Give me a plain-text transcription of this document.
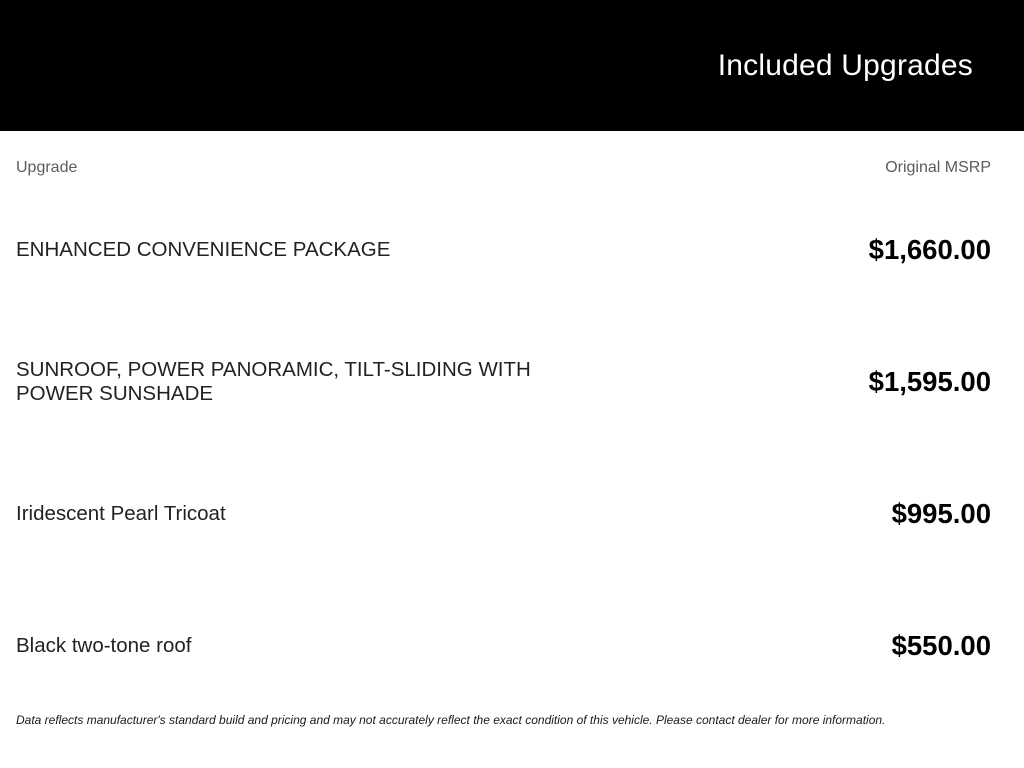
Included Upgrades
Upgrade	Original MSRP
ENHANCED CONVENIENCE PACKAGE	$1,660.00
SUNROOF, POWER PANORAMIC, TILT-SLIDING WITH POWER SUNSHADE	$1,595.00
Iridescent Pearl Tricoat	$995.00
Black two-tone roof	$550.00

Data reflects manufacturer's standard build and pricing and may not accurately reflect the exact condition of this vehicle. Please contact dealer for more information.
